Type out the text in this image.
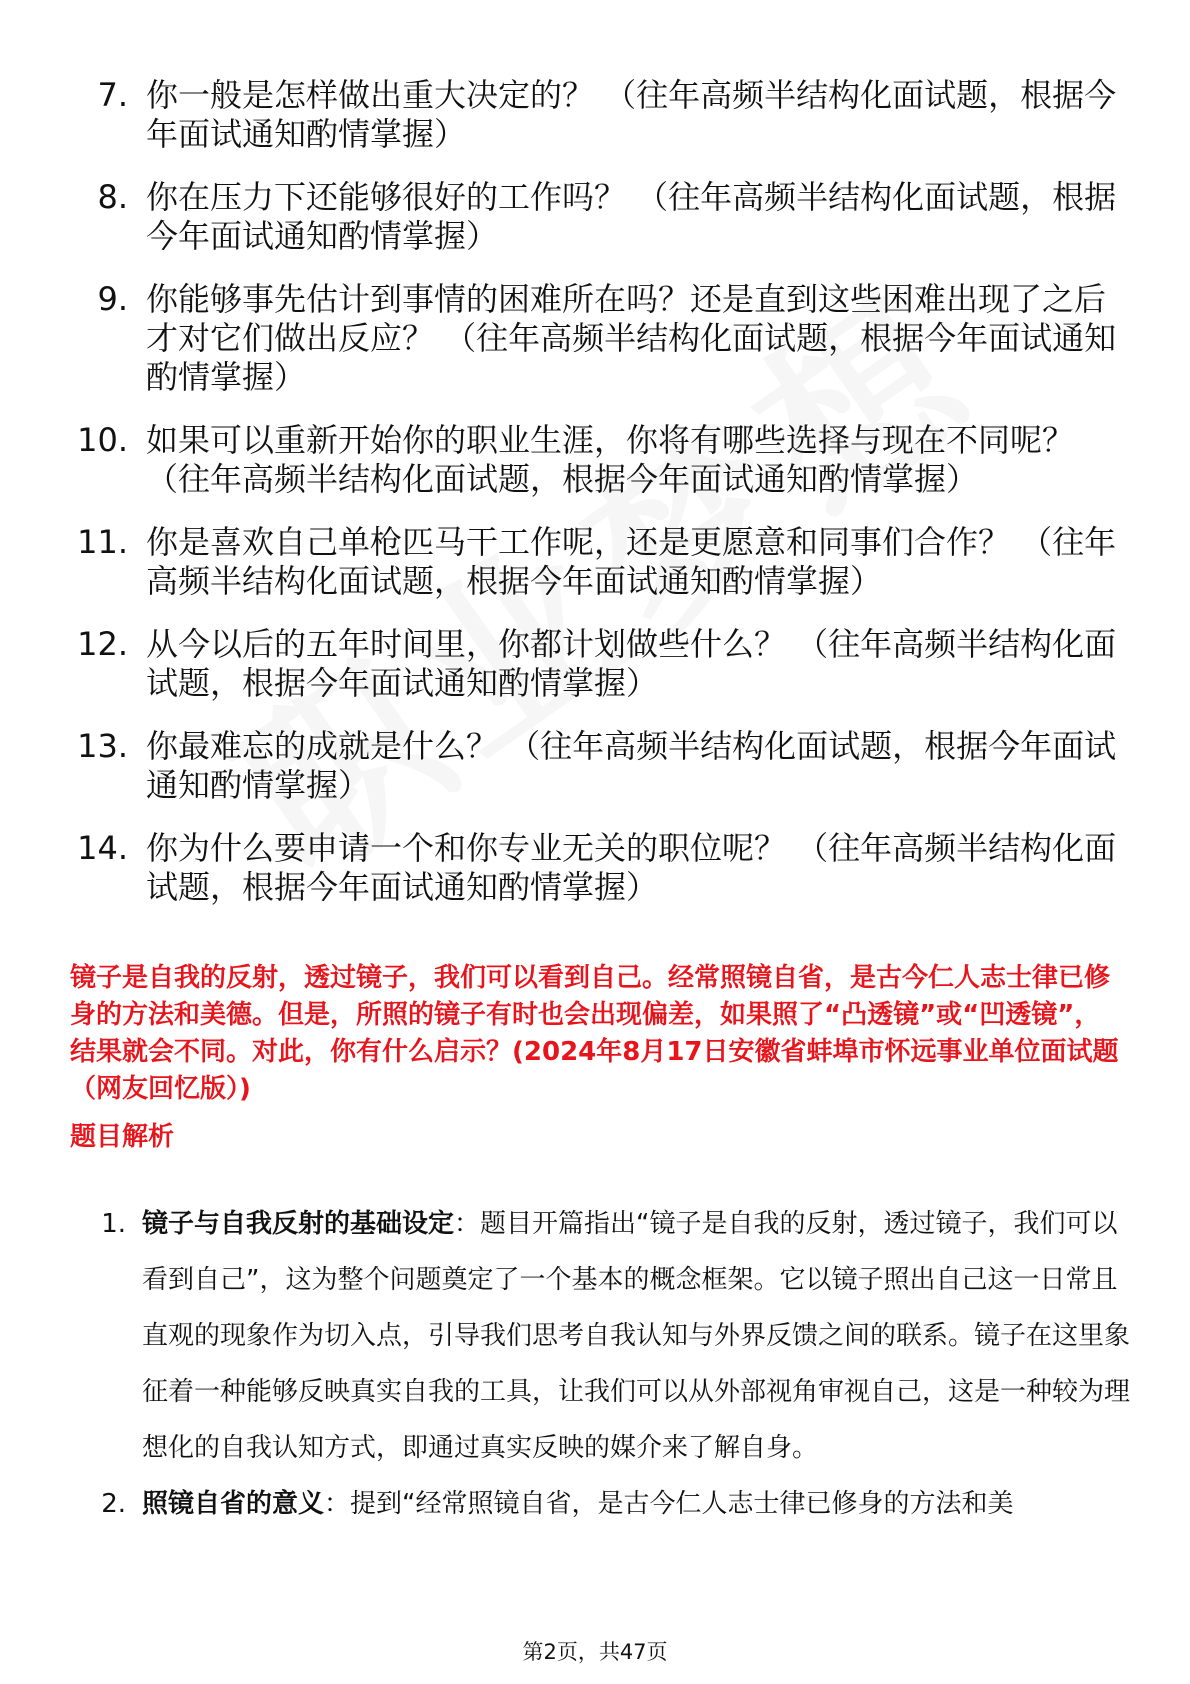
7. 你一般是怎样做出重大决定的？ （往年高频半结构化面试题，根据今年面试通知酌情掌握）
8. 你在压力下还能够很好的工作吗？ （往年高频半结构化面试题，根据今年面试通知酌情掌握）
9. 你能够事先估计到事情的困难所在吗？还是直到这些困难出现了之后才对它们做出反应？ （往年高频半结构化面试题，根据今年面试通知酌情掌握）
10. 如果可以重新开始你的职业生涯，你将有哪些选择与现在不同呢？ （往年高频半结构化面试题，根据今年面试通知酌情掌握）
11. 你是喜欢自己单枪匹马干工作呢，还是更愿意和同事们合作？ （往年高频半结构化面试题，根据今年面试通知酌情掌握）
12. 从今以后的五年时间里，你都计划做些什么？ （往年高频半结构化面试题，根据今年面试通知酌情掌握）
13. 你最难忘的成就是什么？ （往年高频半结构化面试题，根据今年面试通知酌情掌握）
14. 你为什么要申请一个和你专业无关的职位呢？ （往年高频半结构化面试题，根据今年面试通知酌情掌握）
镜子是自我的反射，透过镜子，我们可以看到自己。经常照镜自省，是古今仁人志士律已修身的方法和美德。但是，所照的镜子有时也会出现偏差，如果照了“凸透镜”或“凹透镜”，结果就会不同。对此，你有什么启示？(2024年8月17日安徽省蚌埠市怀远事业单位面试题（网友回忆版）)
题目解析
1. 镜子与自我反射的基础设定：题目开篇指出“镜子是自我的反射，透过镜子，我们可以看到自己”，这为整个问题奠定了一个基本的概念框架。它以镜子照出自己这一日常且直观的现象作为切入点，引导我们思考自我认知与外界反馈之间的联系。镜子在这里象征着一种能够反映真实自我的工具，让我们可以从外部视角审视自己，这是一种较为理想化的自我认知方式，即通过真实反映的媒介来了解自身。
2. 照镜自省的意义：提到“经常照镜自省，是古今仁人志士律已修身的方法和美
第2页，共47页
